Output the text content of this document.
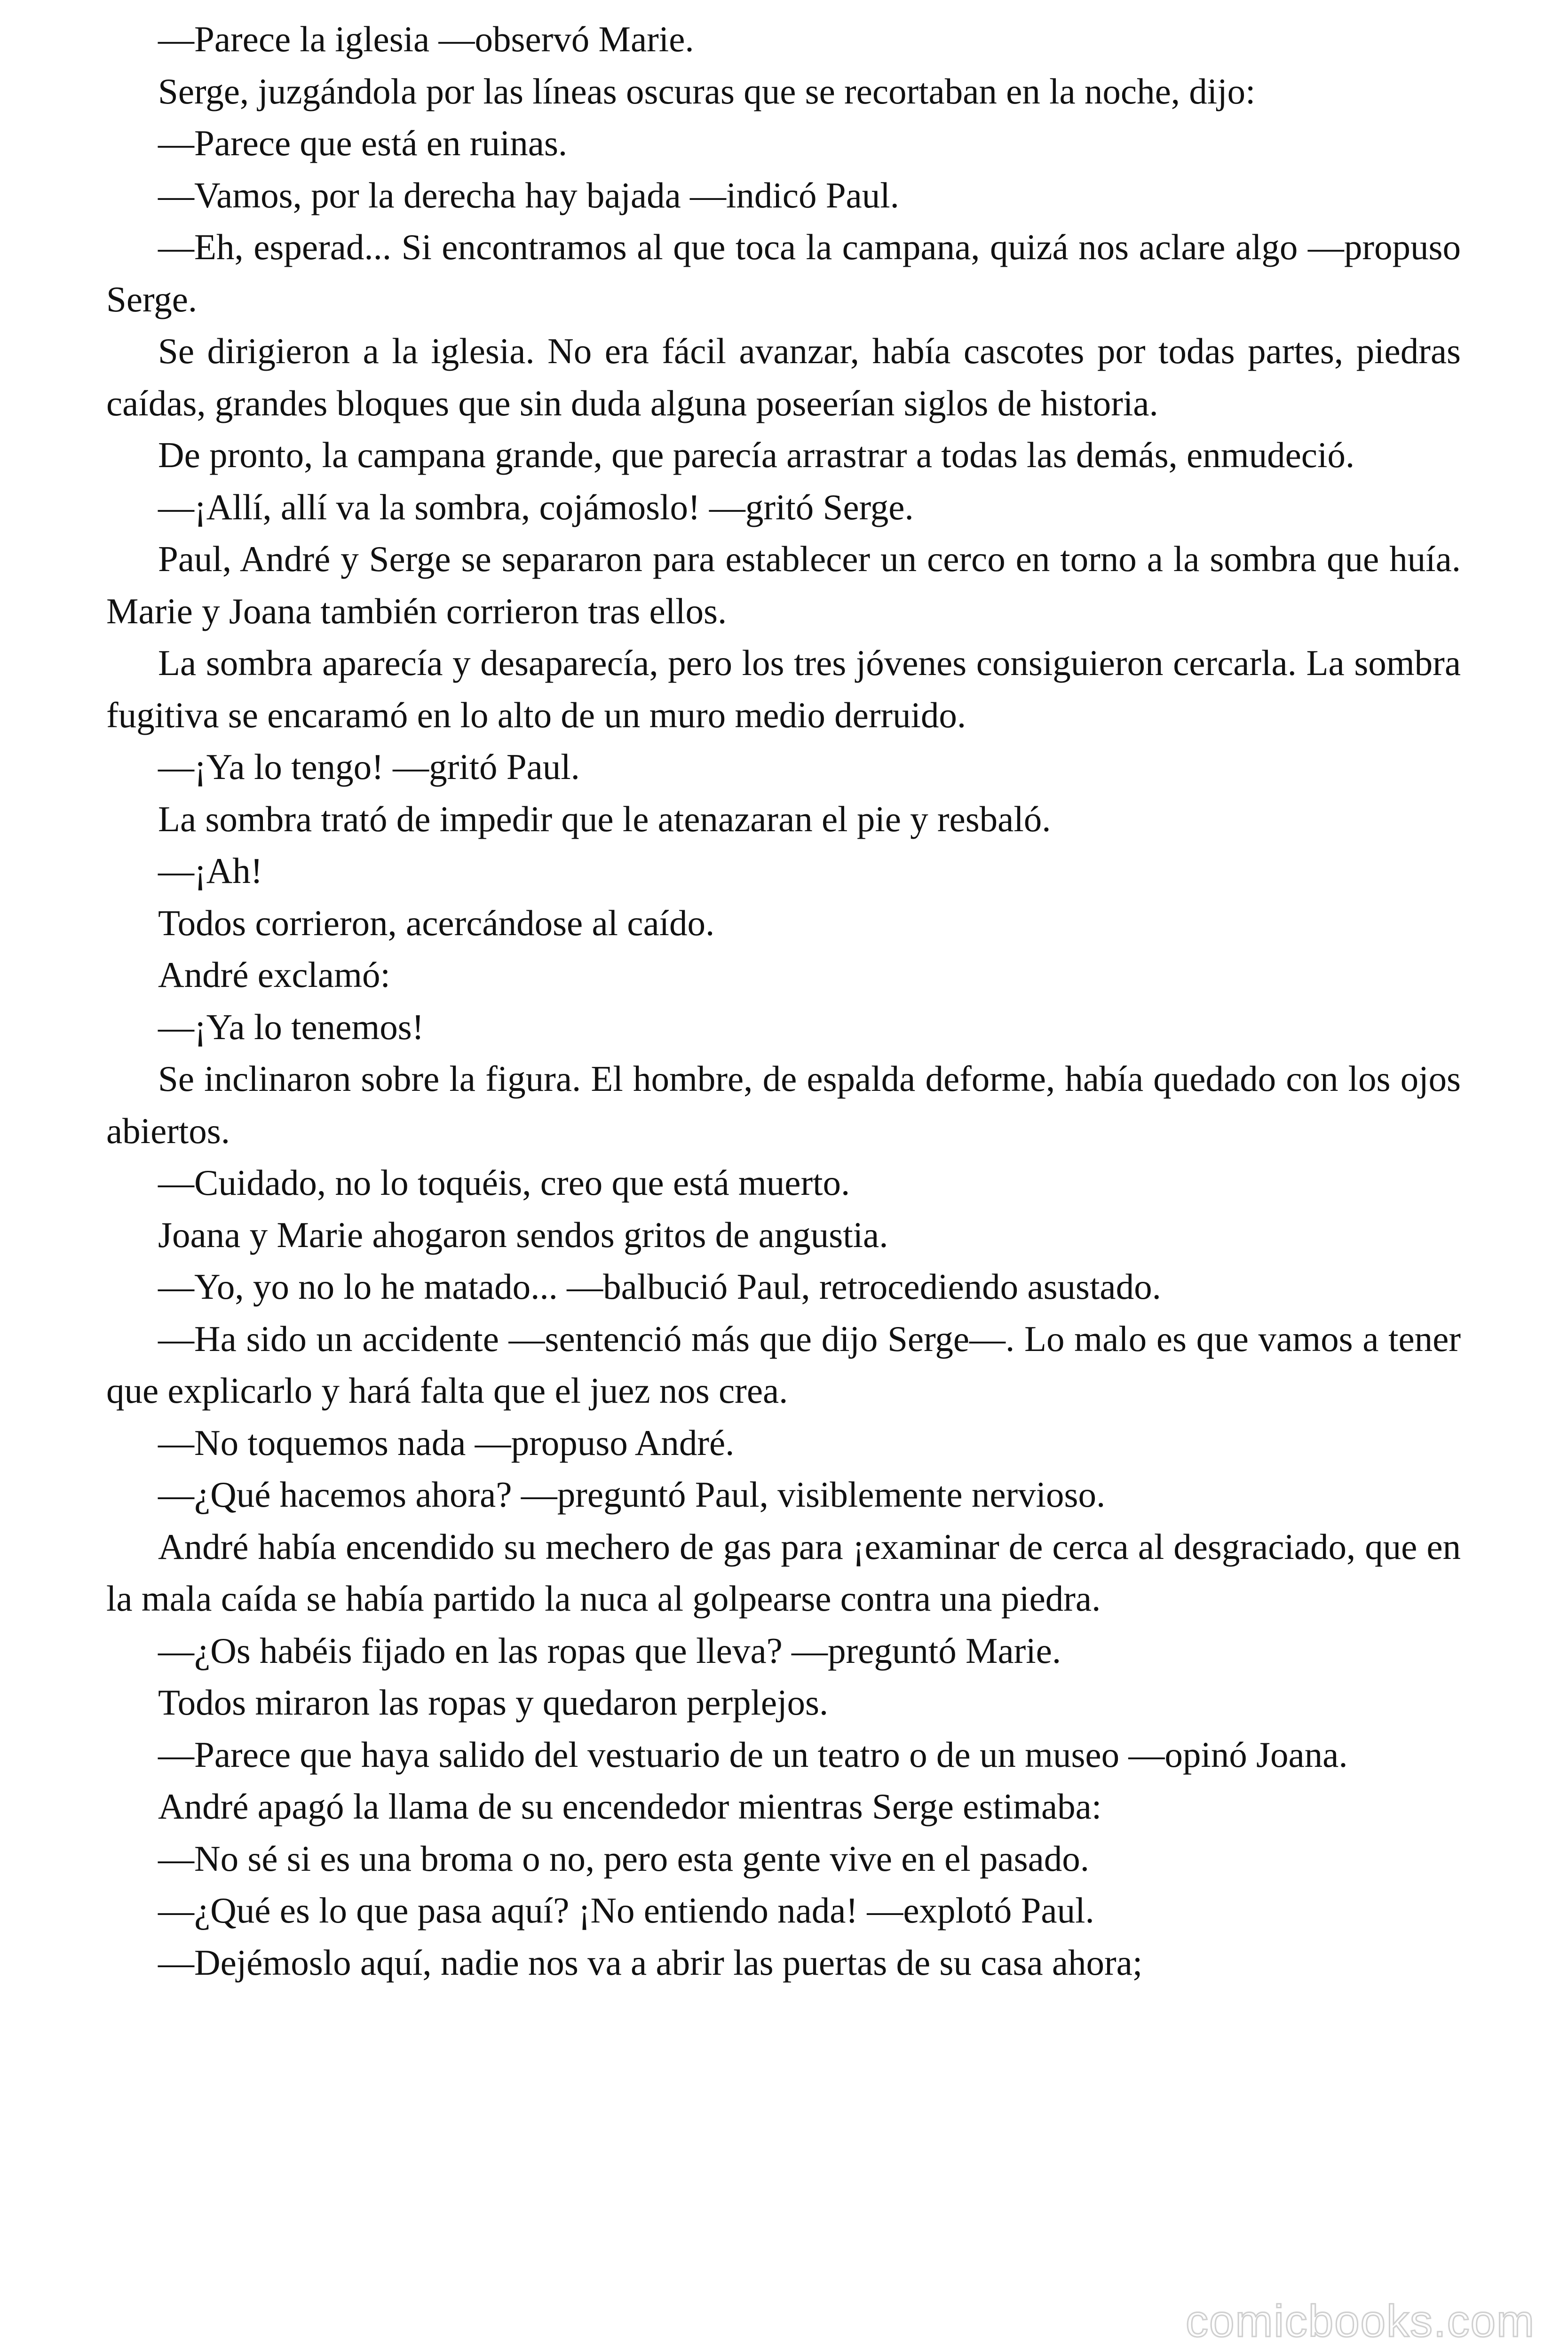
—Parece la iglesia —observó Marie.

Serge, juzgándola por las líneas oscuras que se recortaban en la noche, dijo:

—Parece que está en ruinas.

—Vamos, por la derecha hay bajada —indicó Paul.

—Eh, esperad... Si encontramos al que toca la campana, quizá nos aclare algo —propuso Serge.

Se dirigieron a la iglesia. No era fácil avanzar, había cascotes por todas partes, piedras caídas, grandes bloques que sin duda alguna poseerían siglos de historia.

De pronto, la campana grande, que parecía arrastrar a todas las demás, enmudeció.

—¡Allí, allí va la sombra, cojámoslo! —gritó Serge.

Paul, André y Serge se separaron para establecer un cerco en torno a la sombra que huía. Marie y Joana también corrieron tras ellos.

La sombra aparecía y desaparecía, pero los tres jóvenes consiguieron cercarla. La sombra fugitiva se encaramó en lo alto de un muro medio derruido.

—¡Ya lo tengo! —gritó Paul.

La sombra trató de impedir que le atenazaran el pie y resbaló.

—¡Ah!

Todos corrieron, acercándose al caído.

André exclamó:

—¡Ya lo tenemos!

Se inclinaron sobre la figura. El hombre, de espalda deforme, había quedado con los ojos abiertos.

—Cuidado, no lo toquéis, creo que está muerto.

Joana y Marie ahogaron sendos gritos de angustia.

—Yo, yo no lo he matado... —balbució Paul, retrocediendo asustado.

—Ha sido un accidente —sentenció más que dijo Serge—. Lo malo es que vamos a tener que explicarlo y hará falta que el juez nos crea.

—No toquemos nada —propuso André.

—¿Qué hacemos ahora? —preguntó Paul, visiblemente nervioso.

André había encendido su mechero de gas para ¡examinar de cerca al desgraciado, que en la mala caída se había partido la nuca al golpearse contra una piedra.

—¿Os habéis fijado en las ropas que lleva? —preguntó Marie.

Todos miraron las ropas y quedaron perplejos.

—Parece que haya salido del vestuario de un teatro o de un museo —opinó Joana.

André apagó la llama de su encendedor mientras Serge estimaba:

—No sé si es una broma o no, pero esta gente vive en el pasado.

—¿Qué es lo que pasa aquí? ¡No entiendo nada! —explotó Paul.

—Dejémoslo aquí, nadie nos va a abrir las puertas de su casa ahora;

comicbooks.com
